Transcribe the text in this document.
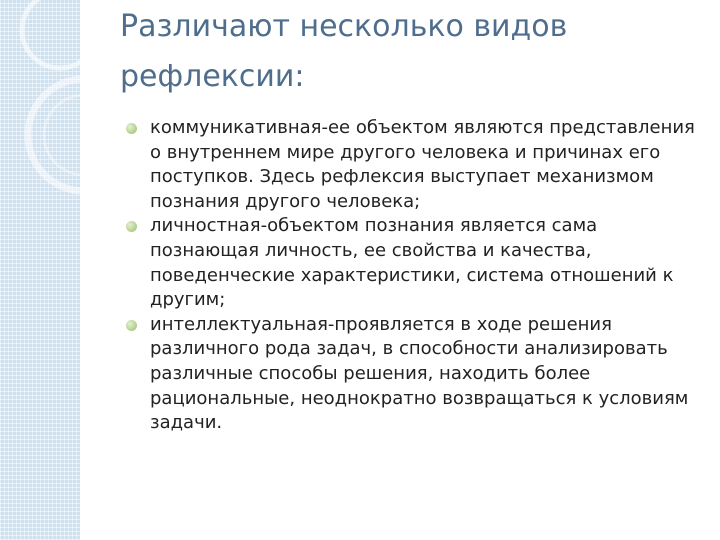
Различают несколько видов рефлексии:
коммуникативная-ее объектом являются представления о внутреннем мире другого человека и причинах его поступков. Здесь рефлексия выступает механизмом познания другого человека;
личностная-объектом познания является сама познающая личность, ее свойства и качества, поведенческие характеристики, система отношений к другим;
интеллектуальная-проявляется в ходе решения различного рода задач, в способности анализировать различные способы решения, находить более рациональные, неоднократно возвращаться к условиям задачи.
